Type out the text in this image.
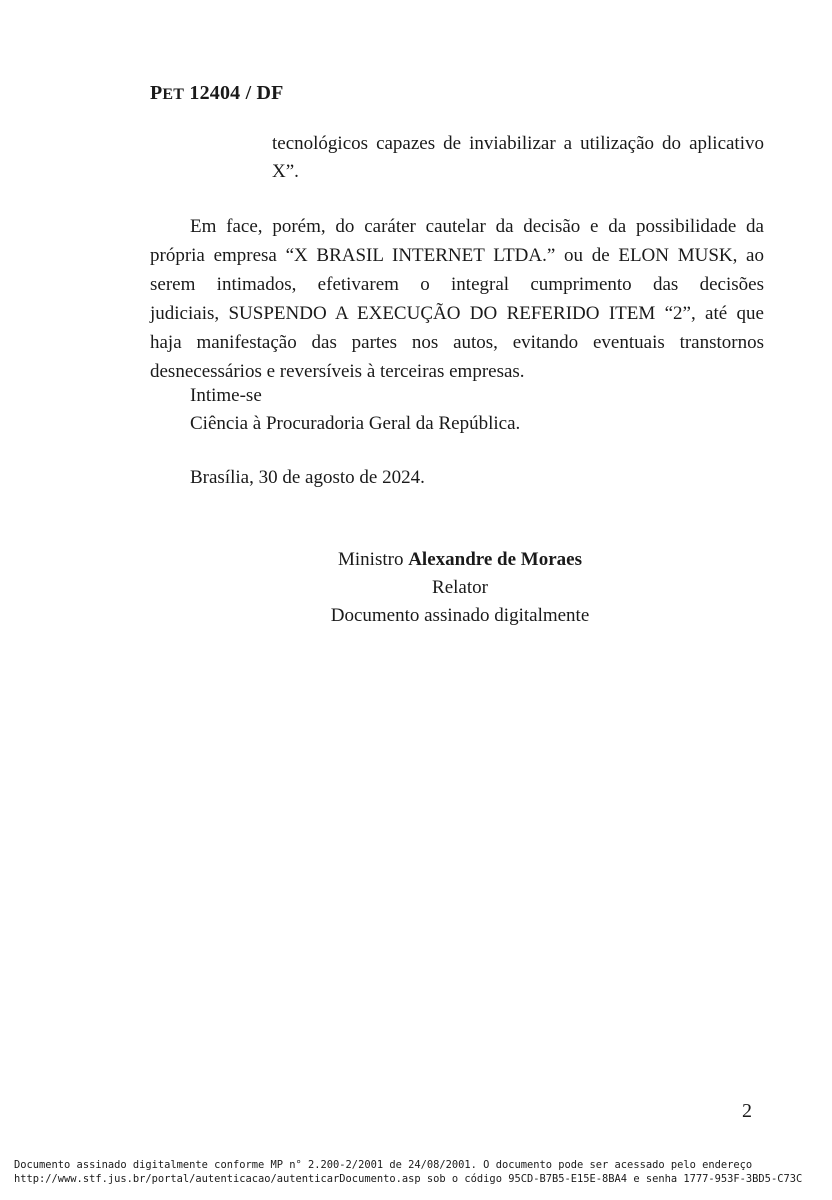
PET 12404 / DF
tecnológicos capazes de inviabilizar a utilização do aplicativo
X”.
Em face, porém, do caráter cautelar da decisão e da possibilidade da
própria empresa “X BRASIL INTERNET LTDA.” ou de ELON MUSK, ao
serem intimados, efetivarem o integral cumprimento das decisões
judiciais, SUSPENDO A EXECUÇÃO DO REFERIDO ITEM “2”, até que
haja manifestação das partes nos autos, evitando eventuais transtornos
desnecessários e reversíveis à terceiras empresas.
Intime-se
Ciência à Procuradoria Geral da República.
Brasília, 30 de agosto de 2024.
Ministro Alexandre de Moraes
Relator
Documento assinado digitalmente
2
Documento assinado digitalmente conforme MP n° 2.200-2/2001 de 24/08/2001. O documento pode ser acessado pelo endereço
http://www.stf.jus.br/portal/autenticacao/autenticarDocumento.asp sob o código 95CD-B7B5-E15E-8BA4 e senha 1777-953F-3BD5-C73C
